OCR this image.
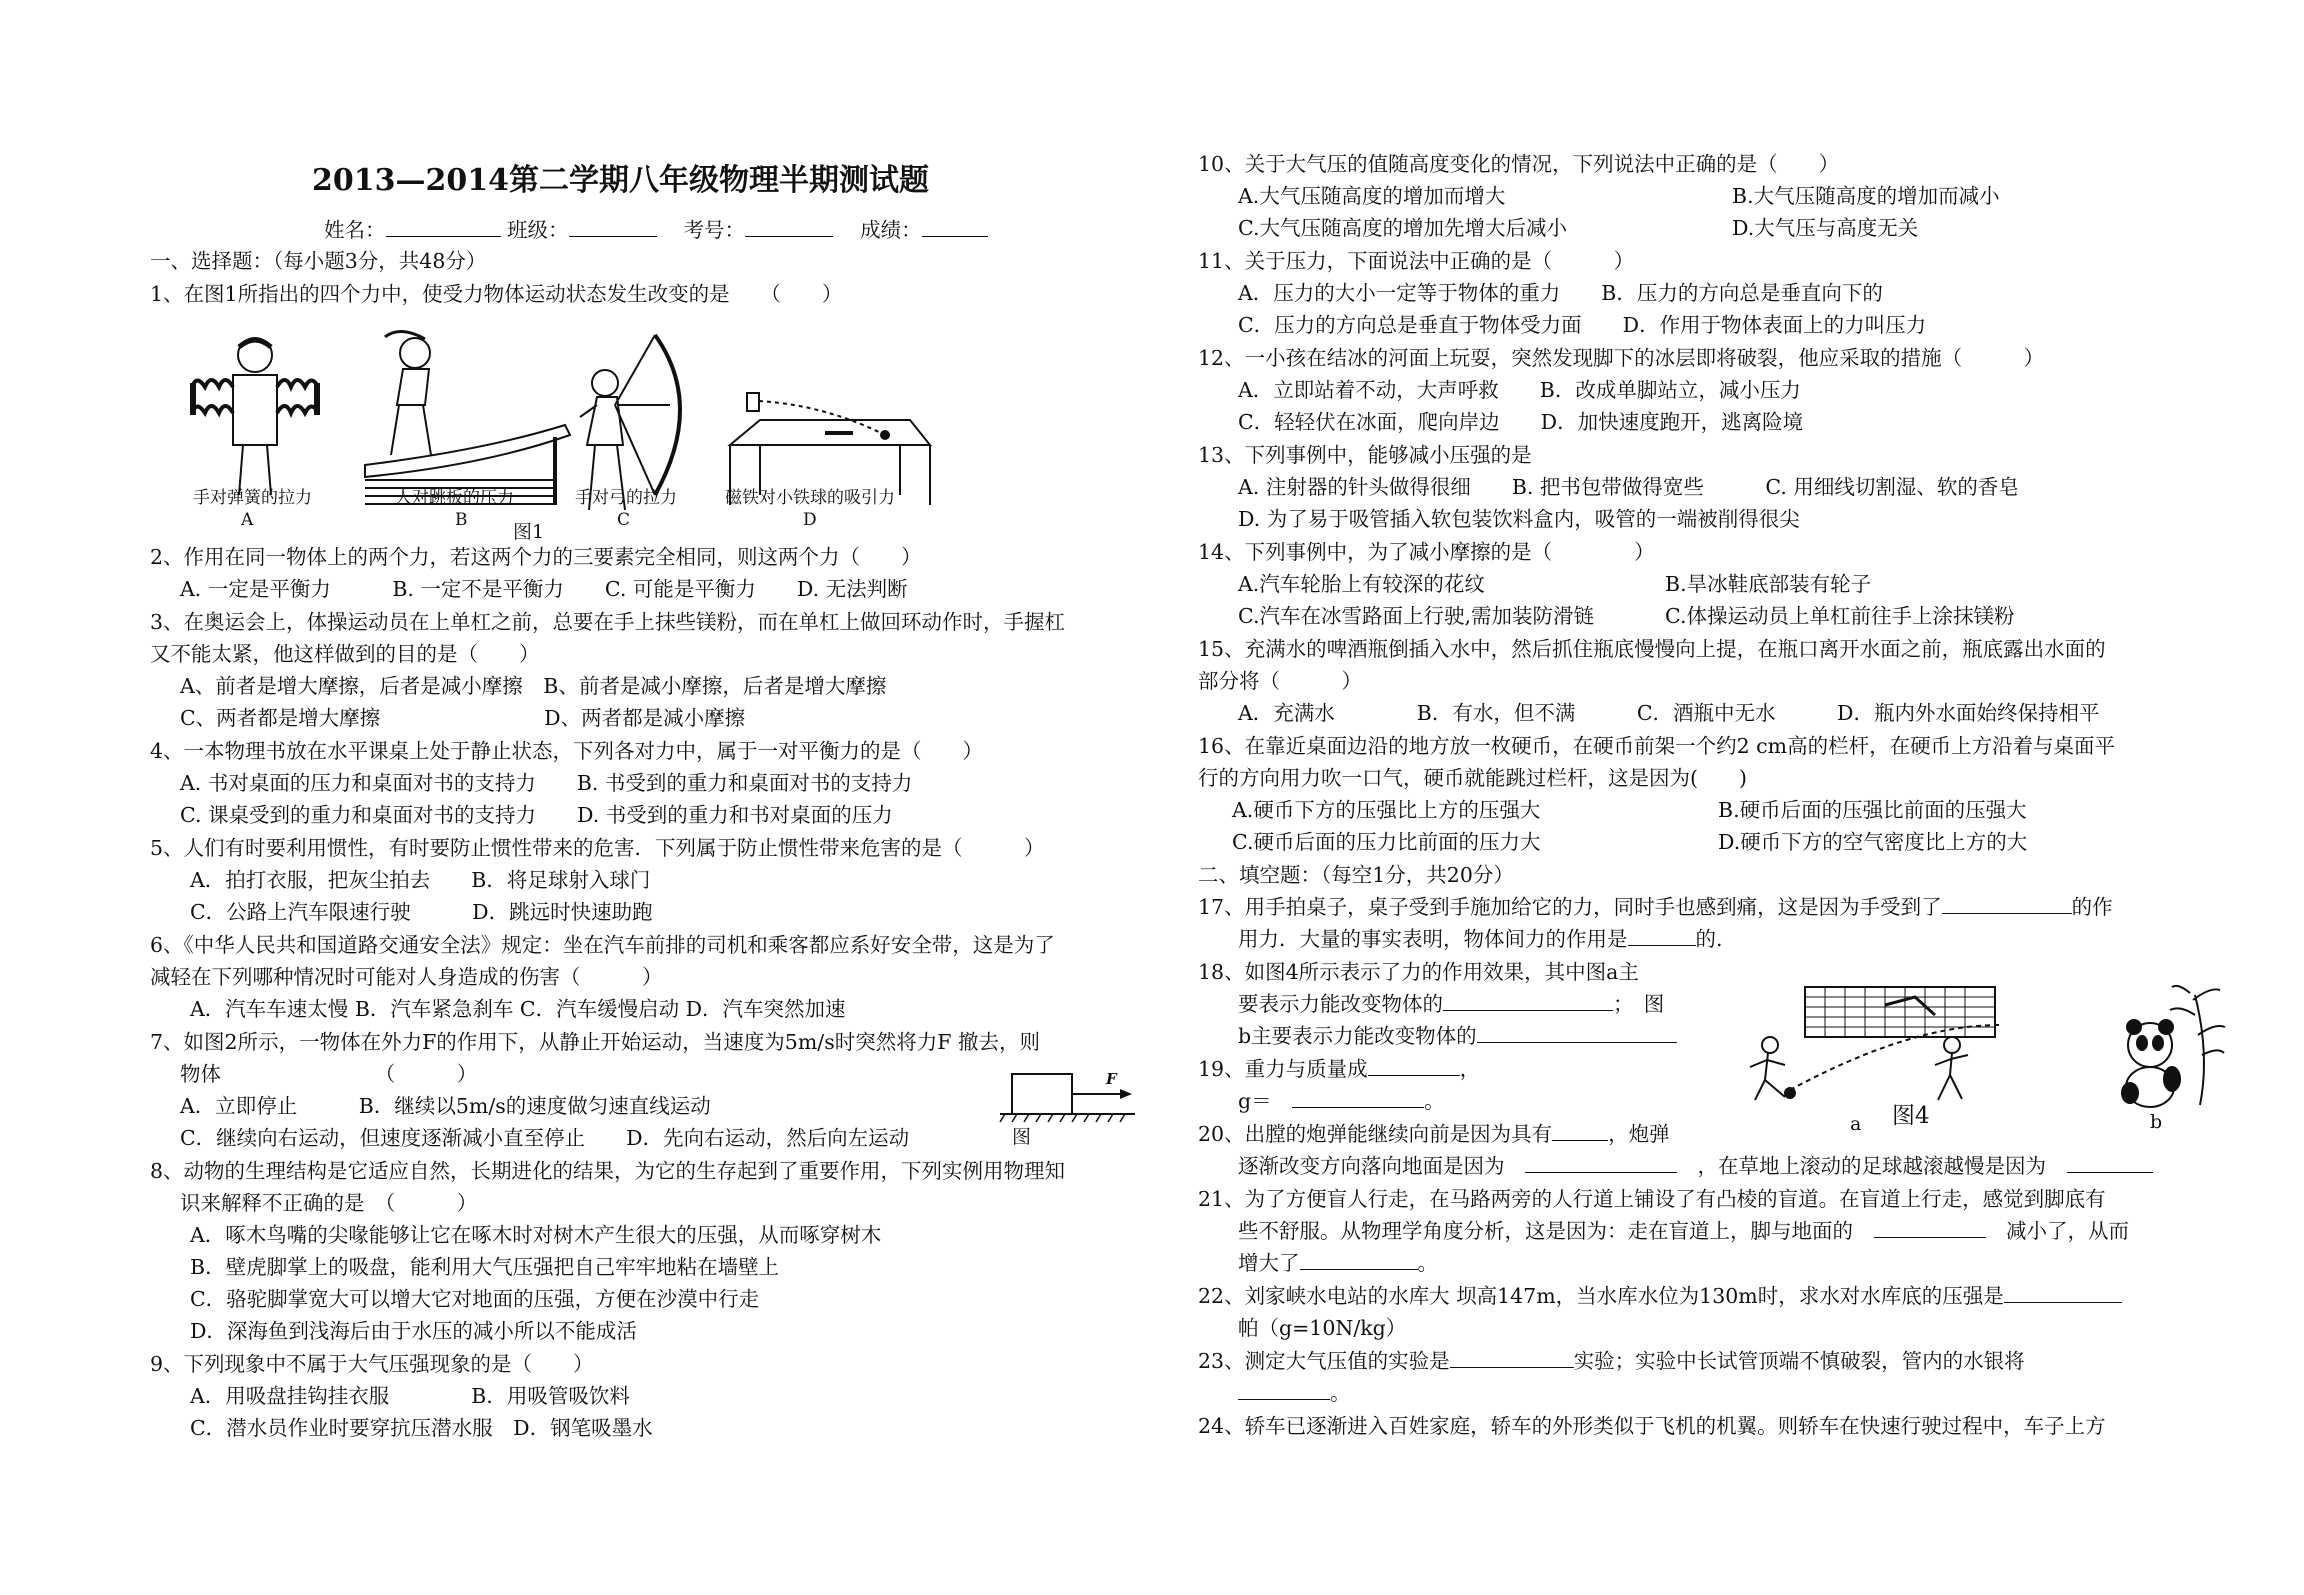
2013—2014第二学期八年级物理半期测试题
姓名：	班级： 　	考号： 　	成绩：
一、选择题：（每小题3分，共48分）
1、在图1所指出的四个力中，使受力物体运动状态发生改变的是　　（　　）
手对弹簧的拉力	人对跳板的压力	手对弓的拉力	磁铁对小铁球的吸引力
A	B	C	D
图1
2、作用在同一物体上的两个力，若这两个力的三要素完全相同，则这两个力（　　）
A. 一定是平衡力　　　B. 一定不是平衡力　　C. 可能是平衡力　　D. 无法判断
3、在奥运会上，体操运动员在上单杠之前，总要在手上抹些镁粉，而在单杠上做回环动作时，手握杠
又不能太紧，他这样做到的目的是（　　）
A、前者是增大摩擦，后者是减小摩擦　B、前者是减小摩擦，后者是增大摩擦
C、两者都是增大摩擦　　　　　　　　D、两者都是减小摩擦
4、一本物理书放在水平课桌上处于静止状态，下列各对力中，属于一对平衡力的是（　　）
A. 书对桌面的压力和桌面对书的支持力　　B. 书受到的重力和桌面对书的支持力
C. 课桌受到的重力和桌面对书的支持力　　D. 书受到的重力和书对桌面的压力
5、人们有时要利用惯性，有时要防止惯性带来的危害．下列属于防止惯性带来危害的是（　　　）
A．拍打衣服，把灰尘拍去　　B．将足球射入球门
C．公路上汽车限速行驶　　　D．跳远时快速助跑
6、《中华人民共和国道路交通安全法》规定：坐在汽车前排的司机和乘客都应系好安全带，这是为了
减轻在下列哪种情况时可能对人身造成的伤害（　　　）
A．汽车车速太慢 B．汽车紧急刹车 C．汽车缓慢启动 D．汽车突然加速
7、如图2所示，一物体在外力F的作用下，从静止开始运动，当速度为5m/s时突然将力F 撤去，则
物体　　　　　　　　（　　　）
A．立即停止　　　B．继续以5m/s的速度做匀速直线运动
C．继续向右运动，但速度逐渐减小直至停止　　D．先向右运动，然后向左运动
F
图
8、动物的生理结构是它适应自然，长期进化的结果，为它的生存起到了重要作用，下列实例用物理知
识来解释不正确的是　（　　　）
A．啄木鸟嘴的尖喙能够让它在啄木时对树木产生很大的压强，从而啄穿树木
B．壁虎脚掌上的吸盘，能利用大气压强把自己牢牢地粘在墙壁上
C．骆驼脚掌宽大可以增大它对地面的压强，方便在沙漠中行走
D．深海鱼到浅海后由于水压的减小所以不能成活
9、下列现象中不属于大气压强现象的是（　　）
A．用吸盘挂钩挂衣服　　　　B．用吸管吸饮料
C．潜水员作业时要穿抗压潜水服　D．钢笔吸墨水
10、关于大气压的值随高度变化的情况，下列说法中正确的是（　　）
A.大气压随高度的增加而增大	B.大气压随高度的增加而减小
C.大气压随高度的增加先增大后减小	D.大气压与高度无关
11、关于压力，下面说法中正确的是（　　　）
A．压力的大小一定等于物体的重力　　B．压力的方向总是垂直向下的
C．压力的方向总是垂直于物体受力面　　D．作用于物体表面上的力叫压力
12、一小孩在结冰的河面上玩耍，突然发现脚下的冰层即将破裂，他应采取的措施（　　　）
A．立即站着不动，大声呼救　　B．改成单脚站立，减小压力
C．轻轻伏在冰面，爬向岸边　　D．加快速度跑开，逃离险境
13、下列事例中，能够减小压强的是
A. 注射器的针头做得很细　　B. 把书包带做得宽些　　　C. 用细线切割湿、软的香皂
D. 为了易于吸管插入软包装饮料盒内，吸管的一端被削得很尖
14、下列事例中，为了减小摩擦的是（　　　　）
A.汽车轮胎上有较深的花纹	B.旱冰鞋底部装有轮子
C.汽车在冰雪路面上行驶,需加装防滑链	C.体操运动员上单杠前往手上涂抹镁粉
15、充满水的啤酒瓶倒插入水中，然后抓住瓶底慢慢向上提，在瓶口离开水面之前，瓶底露出水面的
部分将（　　　）
A．充满水　　　　B．有水，但不满　　　C．酒瓶中无水　　　D．瓶内外水面始终保持相平
16、在靠近桌面边沿的地方放一枚硬币，在硬币前架一个约2 cm高的栏杆，在硬币上方沿着与桌面平
行的方向用力吹一口气，硬币就能跳过栏杆，这是因为(　　)
A.硬币下方的压强比上方的压强大	B.硬币后面的压强比前面的压强大
C.硬币后面的压力比前面的压力大	D.硬币下方的空气密度比上方的大
二、填空题：（每空1分，共20分）
17、用手拍桌子，桌子受到手施加给它的力，同时手也感到痛，这是因为手受到了	的作
用力．大量的事实表明，物体间力的作用是	的.
18、如图4所示表示了力的作用效果，其中图a主
要表示力能改变物体的	；　图
b主要表示力能改变物体的
a 图4	b
19、重力与质量成	，
g＝　	。
20、出膛的炮弹能继续向前是因为具有	，炮弹
逐渐改变方向落向地面是因为　　	，在草地上滚动的足球越滚越慢是因为　
21、为了方便盲人行走，在马路两旁的人行道上铺设了有凸棱的盲道。在盲道上行走，感觉到脚底有
些不舒服。从物理学角度分析，这是因为：走在盲道上，脚与地面的　　	减小了，从而
增大了	。
22、刘家峡水电站的水库大 坝高147m，当水库水位为130m时，求水对水库底的压强是
帕（g=10N/kg）
23、测定大气压值的实验是	实验；实验中长试管顶端不慎破裂，管内的水银将
。
24、轿车已逐渐进入百姓家庭，轿车的外形类似于飞机的机翼。则轿车在快速行驶过程中，车子上方
